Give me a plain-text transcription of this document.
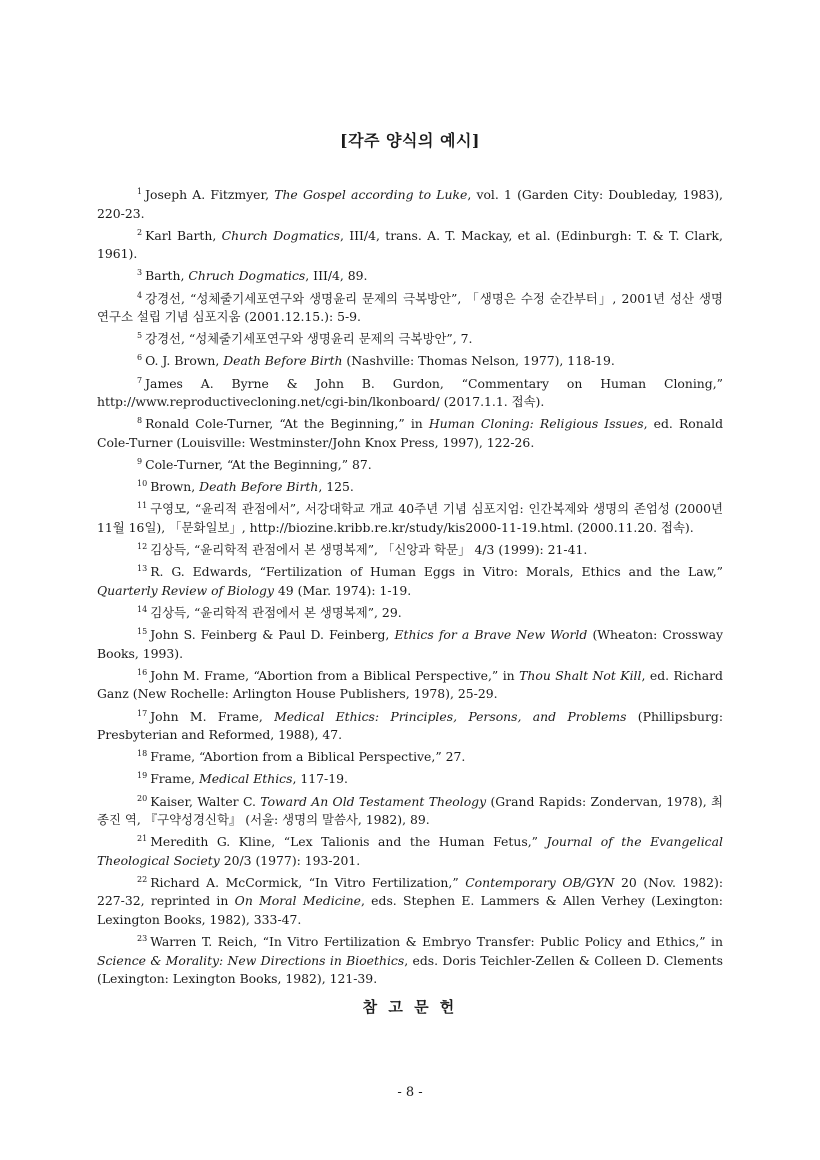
[각주 양식의 예시]
$^1$ Joseph A. Fitzmyer, The Gospel according to Luke, vol. 1 (Garden City: Doubleday, 1983), 220-23.
$^2$ Karl Barth, Church Dogmatics, III/4, trans. A. T. Mackay, et al. (Edinburgh: T. & T. Clark, 1961).
$^3$ Barth, Chruch Dogmatics, III/4, 89.
$^4$ 강경선, “성체줄기세포연구와 생명윤리 문제의 극복방안”, 「생명은 수정 순간부터」, 2001년 성산 생명 연구소 설립 기념 심포지움 (2001.12.15.): 5-9.
$^5$ 강경선, “성체줄기세포연구와 생명윤리 문제의 극복방안”, 7.
$^6$ O. J. Brown, Death Before Birth (Nashville: Thomas Nelson, 1977), 118-19.
$^7$ James A. Byrne & John B. Gurdon, “Commentary on Human Cloning,” http://www.reproductivecloning.net/cgi-bin/lkonboard/ (2017.1.1. 접속).
$^8$ Ronald Cole-Turner, “At the Beginning,” in Human Cloning: Religious Issues, ed. Ronald Cole-Turner (Louisville: Westminster/John Knox Press, 1997), 122-26.
$^9$ Cole-Turner, “At the Beginning,” 87.
$^{10}$ Brown, Death Before Birth, 125.
$^{11}$ 구영모, “윤리적 관점에서”, 서강대학교 개교 40주년 기념 심포지엄: 인간복제와 생명의 존엄성 (2000년 11월 16일), 「문화일보」, http://biozine.kribb.re.kr/study/kis2000-11-19.html. (2000.11.20. 접속).
$^{12}$ 김상득, “윤리학적 관점에서 본 생명복제”, 「신앙과 학문」 4/3 (1999): 21-41.
$^{13}$ R. G. Edwards, “Fertilization of Human Eggs in Vitro: Morals, Ethics and the Law,” Quarterly Review of Biology 49 (Mar. 1974): 1-19.
$^{14}$ 김상득, “윤리학적 관점에서 본 생명복제”, 29.
$^{15}$ John S. Feinberg & Paul D. Feinberg, Ethics for a Brave New World (Wheaton: Crossway Books, 1993).
$^{16}$ John M. Frame, “Abortion from a Biblical Perspective,” in Thou Shalt Not Kill, ed. Richard Ganz (New Rochelle: Arlington House Publishers, 1978), 25-29.
$^{17}$ John M. Frame, Medical Ethics: Principles, Persons, and Problems (Phillipsburg: Presbyterian and Reformed, 1988), 47.
$^{18}$ Frame, “Abortion from a Biblical Perspective,” 27.
$^{19}$ Frame, Medical Ethics, 117-19.
$^{20}$ Kaiser, Walter C. Toward An Old Testament Theology (Grand Rapids: Zondervan, 1978), 최종진 역, 『구약성경신학』 (서울: 생명의 말씀사, 1982), 89.
$^{21}$ Meredith G. Kline, “Lex Talionis and the Human Fetus,” Journal of the Evangelical Theological Society 20/3 (1977): 193-201.
$^{22}$ Richard A. McCormick, “In Vitro Fertilization,” Contemporary OB/GYN 20 (Nov. 1982): 227-32, reprinted in On Moral Medicine, eds. Stephen E. Lammers & Allen Verhey (Lexington: Lexington Books, 1982), 333-47.
$^{23}$ Warren T. Reich, “In Vitro Fertilization & Embryo Transfer: Public Policy and Ethics,” in Science & Morality: New Directions in Bioethics, eds. Doris Teichler-Zellen & Colleen D. Clements (Lexington: Lexington Books, 1982), 121-39.
참 고 문 헌
- 8 -
